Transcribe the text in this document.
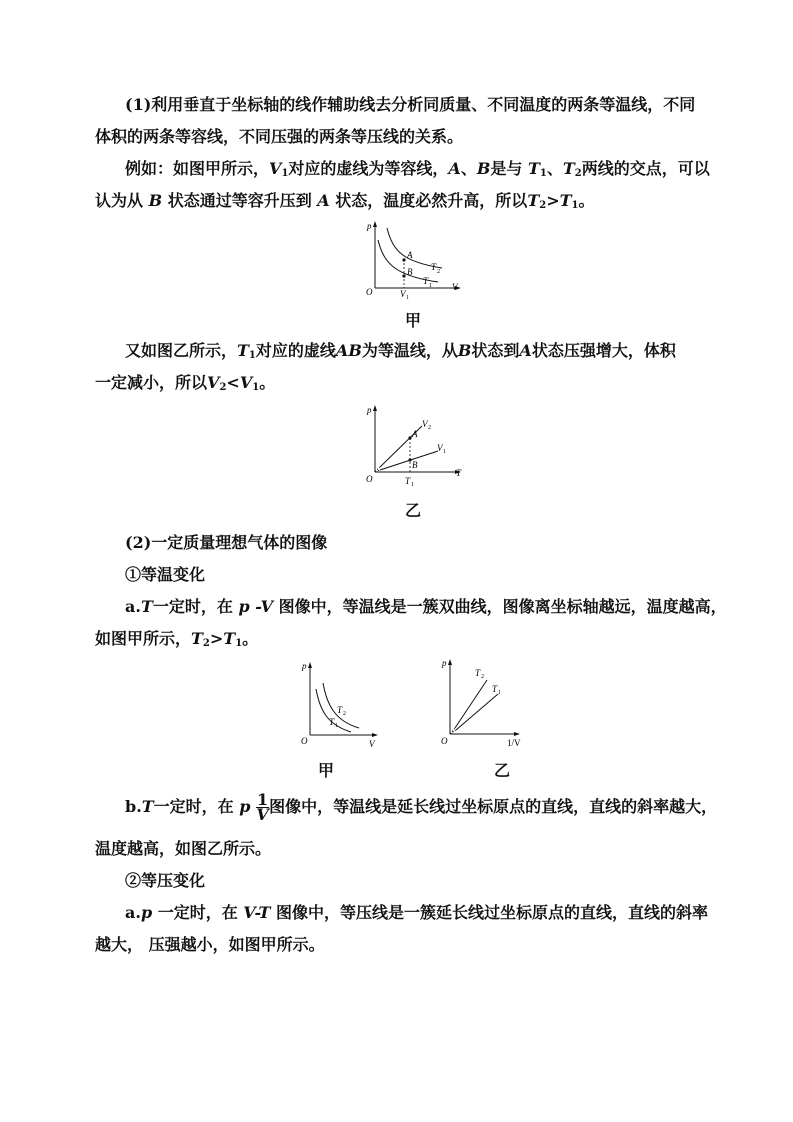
(1)利用垂直于坐标轴的线作辅助线去分析同质量、不同温度的两条等温线，不同
体积的两条等容线，不同压强的两条等压线的关系。
例如：如图甲所示，$V_1$对应的虚线为等容线，A、B是与 $T_1$、$T_2$两线的交点，可以
认为从 B 状态通过等容升压到 A 状态，温度必然升高，所以$T_2>T_1$。
p
V
O
A
B T 2
T 1
V 1
甲
又如图乙所示，$T_1$对应的虚线AB为等温线，从B状态到A状态压强增大，体积
一定减小，所以$V_2<V_1$。
p
T
O
A
B
V 2
V 1
T 1
乙
(2)一定质量理想气体的图像
①等温变化
a.T一定时，在 p -V 图像中，等温线是一簇双曲线，图像离坐标轴越远，温度越高，
如图甲所示，$T_2>T_1$。
p
V
O
T 2
T 1
甲
p
1/V
O
T 2
T 1
乙
b.T一定时，在 p $\frac{1}{V}$ 图像中，等温线是延长线过坐标原点的直线，直线的斜率越大，
温度越高，如图乙所示。
②等压变化
a.p 一定时，在 V-T 图像中，等压线是一簇延长线过坐标原点的直线，直线的斜率
越大， 压强越小，如图甲所示。
